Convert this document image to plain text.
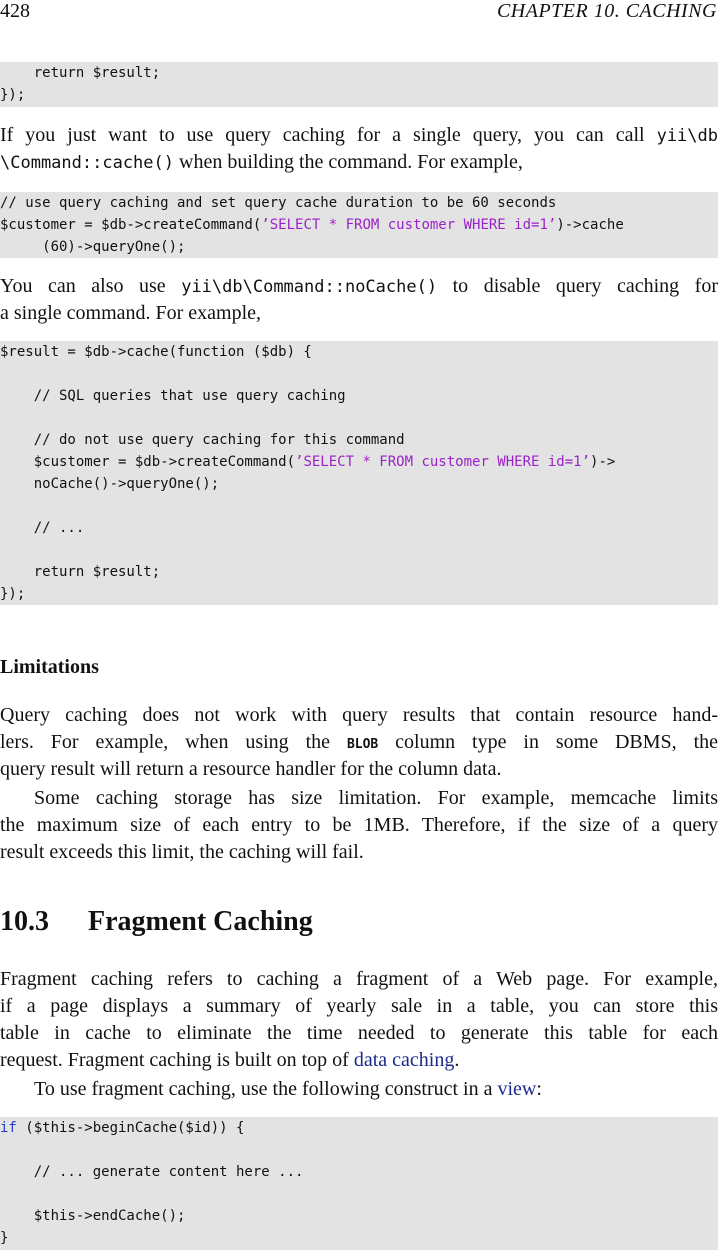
428	CHAPTER 10. CACHING
return $result;
});
If you just want to use query caching for a single query, you can call yii\db
\Command::cache() when building the command. For example,
// use query caching and set query cache duration to be 60 seconds
$customer = $db->createCommand(’SELECT * FROM customer WHERE id=1’)->cache
(60)->queryOne();
You can also use yii\db\Command::noCache() to disable query caching for
a single command. For example,
$result = $db->cache(function ($db) {
// SQL queries that use query caching
// do not use query caching for this command
$customer = $db->createCommand(’SELECT * FROM customer WHERE id=1’)->
noCache()->queryOne();
// ...
return $result;
});
Limitations
Query caching does not work with query results that contain resource hand-
lers. For example, when using the BLOB column type in some DBMS, the
query result will return a resource handler for the column data.
Some caching storage has size limitation. For example, memcache limits
the maximum size of each entry to be 1MB. Therefore, if the size of a query
result exceeds this limit, the caching will fail.
10.3 Fragment Caching
Fragment caching refers to caching a fragment of a Web page. For example,
if a page displays a summary of yearly sale in a table, you can store this
table in cache to eliminate the time needed to generate this table for each
request. Fragment caching is built on top of data caching.
To use fragment caching, use the following construct in a view:
if ($this->beginCache($id)) {
// ... generate content here ...
$this->endCache();
}
